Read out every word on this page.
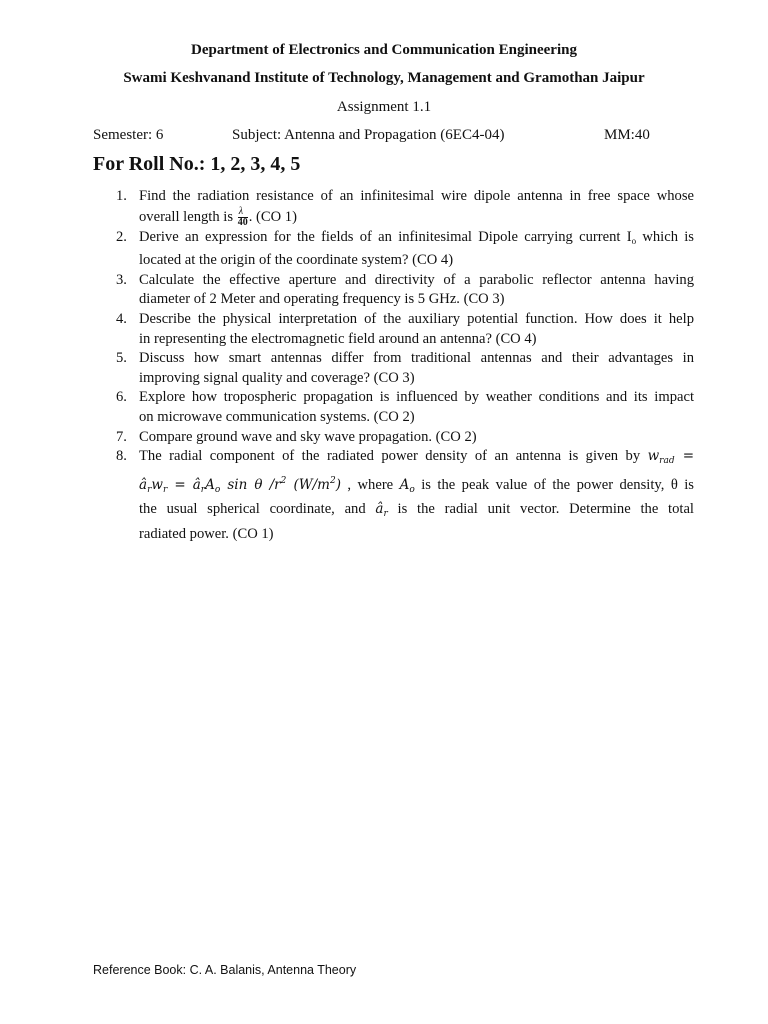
Department of Electronics and Communication Engineering
Swami Keshvanand Institute of Technology, Management and Gramothan Jaipur
Assignment 1.1
Semester: 6	Subject: Antenna and Propagation (6EC4-04)	MM:40
For Roll No.: 1, 2, 3, 4, 5
1. Find the radiation resistance of an infinitesimal wire dipole antenna in free space whose
overall length is $\frac{\lambda}{40}$ . (CO 1)
2. Derive an expression for the fields of an infinitesimal Dipole carrying current $I_o$ which is
located at the origin of the coordinate system? (CO 4)
3. Calculate the effective aperture and directivity of a parabolic reflector antenna having
diameter of 2 Meter and operating frequency is 5 GHz. (CO 3)
4. Describe the physical interpretation of the auxiliary potential function. How does it help
in representing the electromagnetic field around an antenna? (CO 4)
5. Discuss how smart antennas differ from traditional antennas and their advantages in
improving signal quality and coverage? (CO 3)
6. Explore how tropospheric propagation is influenced by weather conditions and its impact
on microwave communication systems. (CO 2)
7. Compare ground wave and sky wave propagation. (CO 2)
8. The radial component of the radiated power density of an antenna is given by $w_{rad}$ =
$â_rw_r$ = $â_rA_o$ sin θ $/r^2$ $(W/m^2)$ , where $A_o$ is the peak value of the power density, θ is
the usual spherical coordinate, and $â_r$ is the radial unit vector. Determine the total
radiated power. (CO 1)
Reference Book: C. A. Balanis, Antenna Theory
